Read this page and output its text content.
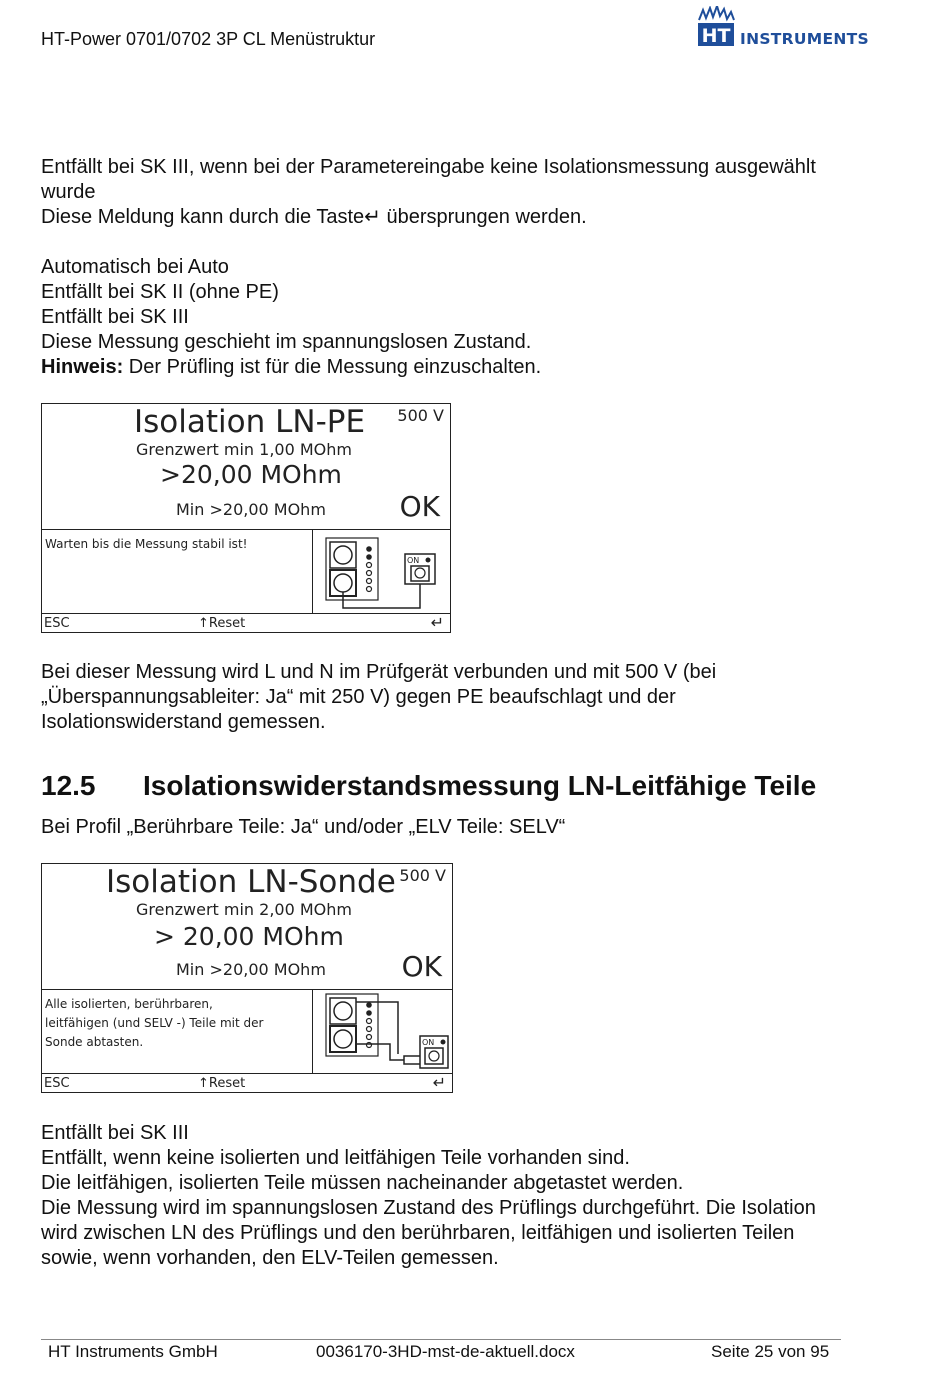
HT-Power 0701/0702 3P CL Menüstruktur	HT INSTRUMENTS

Entfällt bei SK III, wenn bei der Parametereingabe keine Isolationsmessung ausgewählt

wurde

Diese Meldung kann durch die Taste↵ übersprungen werden.

Automatisch bei Auto

Entfällt bei SK II (ohne PE)

Entfällt bei SK III

Diese Messung geschieht im spannungslosen Zustand.

Hinweis: Der Prüfling ist für die Messung einzuschalten.

Isolation LN-PE 500 V
Grenzwert min 1,00 MOhm
>20,00 MOhm
Min >20,00 MOhm	OK
Warten bis die Messung stabil ist!
ON
ESC	↑Reset	↵

Bei dieser Messung wird L und N im Prüfgerät verbunden und mit 500 V (bei

„Überspannungsableiter: Ja“ mit 250 V) gegen PE beaufschlagt und der

Isolationswiderstand gemessen.

12.5 Isolationswiderstandsmessung LN-Leitfähige Teile
Bei Profil „Berührbare Teile: Ja“ und/oder „ELV Teile: SELV“
Isolation LN-Sonde 500 V
Grenzwert min 2,00 MOhm
> 20,00 MOhm
Min >20,00 MOhm	OK
Alle isolierten, berührbaren,
leitfähigen (und SELV -) Teile mit der
Sonde abtasten.	ON
ESC	↑Reset	↵

Entfällt bei SK III

Entfällt, wenn keine isolierten und leitfähigen Teile vorhanden sind.

Die leitfähigen, isolierten Teile müssen nacheinander abgetastet werden.

Die Messung wird im spannungslosen Zustand des Prüflings durchgeführt. Die Isolation

wird zwischen LN des Prüflings und den berührbaren, leitfähigen und isolierten Teilen

sowie, wenn vorhanden, den ELV-Teilen gemessen.

HT Instruments GmbH	0036170-3HD-mst-de-aktuell.docx	Seite 25 von 95
